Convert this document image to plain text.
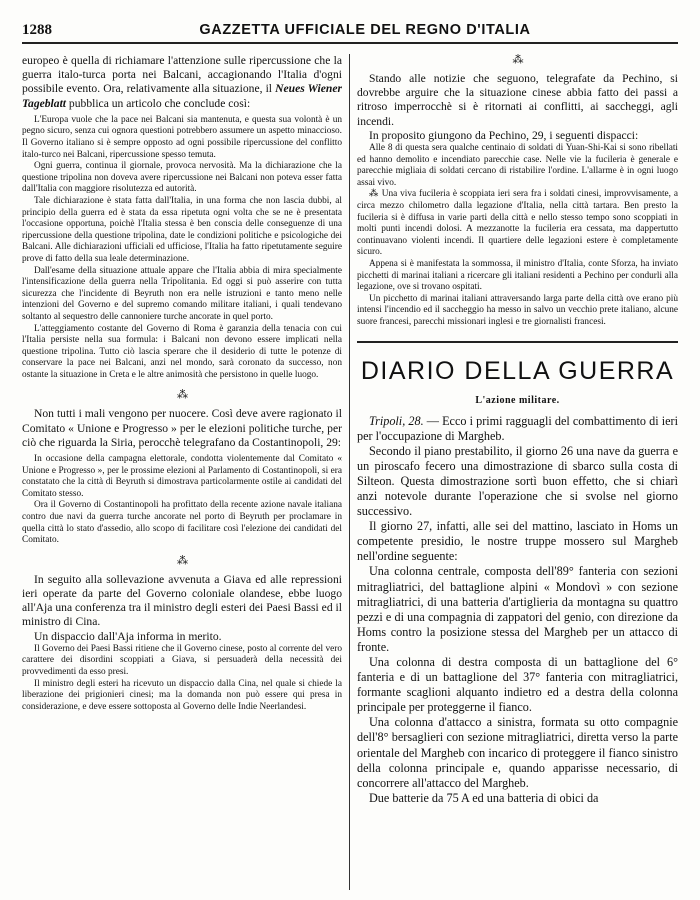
1288	GAZZETTA UFFICIALE DEL REGNO D'ITALIA

europeo è quella di richiamare l'attenzione sulle ripercussione che la guerra italo-turca porta nei Balcani, accagionando l'Italia d'ogni possibile evento. Ora, relativamente alla situazione, il Neues Wiener Tageblatt pubblica un articolo che conclude così:

L'Europa vuole che la pace nei Balcani sia mantenuta, e questa sua volontà è un pegno sicuro, senza cui ognora questioni potrebbero assumere un aspetto minaccioso. Il Governo italiano si è sempre opposto ad ogni possibile ripercussione del conflitto italo-turco nei Balcani, ripercussione spesso temuta.

Ogni guerra, continua il giornale, provoca nervosità. Ma la dichiarazione che la questione tripolina non doveva avere ripercussione nei Balcani non poteva esser fatta dall'Italia con maggiore risolutezza ed autorità.

Tale dichiarazione è stata fatta dall'Italia, in una forma che non lascia dubbi, al principio della guerra ed è stata da essa ripetuta ogni volta che se ne è presentata l'occasione opportuna, poichè l'Italia stessa è ben conscia delle conseguenze di una ripercussione della questione tripolina, date le condizioni politiche e psicologiche dei Balcani. Alle dichiarazioni ufficiali ed ufficiose, l'Italia ha fatto ripetutamente seguire prove di fatto della sua leale determinazione.

Dall'esame della situazione attuale appare che l'Italia abbia di mira specialmente l'intensificazione della guerra nella Tripolitania. Ed oggi si può asserire con tutta sicurezza che l'incidente di Beyruth non era nelle istruzioni e tanto meno nelle intenzioni del Governo e del supremo comando militare italiani, i quali tendevano soltanto al sequestro delle cannoniere turche ancorate in quel porto.

L'atteggiamento costante del Governo di Roma è garanzia della tenacia con cui l'Italia persiste nella sua formula: i Balcani non devono essere implicati nella questione tripolina. Tutto ciò lascia sperare che il desiderio di tutte le potenze di conservare la pace nei Balcani, anzi nel mondo, sarà coronato da successo, non ostante la situazione in Creta e le altre animosità che persistono in quelle luogo.

⁂

Non tutti i mali vengono per nuocere. Così deve avere ragionato il Comitato « Unione e Progresso » per le elezioni politiche turche, per ciò che riguarda la Siria, perocchè telegrafano da Costantinopoli, 29:

In occasione della campagna elettorale, condotta violentemente dal Comitato « Unione e Progresso », per le prossime elezioni al Parlamento di Costantinopoli, si era constatato che la città di Beyruth si dimostrava particolarmente ostile ai candidati del Comitato stesso.

Ora il Governo di Costantinopoli ha profittato della recente azione navale italiana contro due navi da guerra turche ancorate nel porto di Beyruth per proclamare in quella città lo stato d'assedio, allo scopo di facilitare così l'elezione dei candidati del Comitato.

⁂

In seguito alla sollevazione avvenuta a Giava ed alle repressioni ieri operate da parte del Governo coloniale olandese, ebbe luogo all'Aja una conferenza tra il ministro degli esteri dei Paesi Bassi ed il ministro di Cina.

Un dispaccio dall'Aja informa in merito.

Il Governo dei Paesi Bassi ritiene che il Governo cinese, posto al corrente del vero carattere dei disordini scoppiati a Giava, si persuaderà della necessità dei provvedimenti da esso presi.

Il ministro degli esteri ha ricevuto un dispaccio dalla Cina, nel quale si chiede la liberazione dei prigionieri cinesi; ma la domanda non può essere qui presa in considerazione, e deve essere sottoposta al Governo delle Indie Neerlandesi.

⁂

Stando alle notizie che seguono, telegrafate da Pechino, si dovrebbe arguire che la situazione cinese abbia fatto dei passi a ritroso imperrocchè si è ritornati ai conflitti, ai saccheggi, agli incendi.

In proposito giungono da Pechino, 29, i seguenti dispacci:

Alle 8 di questa sera qualche centinaio di soldati di Yuan-Shi-Kai si sono ribellati ed hanno demolito e incendiato parecchie case. Nelle vie la fucileria è generale e parecchie migliaia di soldati cercano di ristabilire l'ordine. L'allarme è in ogni luogo assai vivo.

⁂ Una viva fucileria è scoppiata ieri sera fra i soldati cinesi, improvvisamente, a circa mezzo chilometro dalla legazione d'Italia, nella città tartara. Ben presto la fucileria si è diffusa in varie parti della città e nello stesso tempo sono scoppiati in molti punti incendi dolosi. A mezzanotte la fucileria era cessata, ma dappertutto continuavano violenti incendi. Il quartiere delle legazioni estere è completamente sicuro.

Appena si è manifestata la sommossa, il ministro d'Italia, conte Sforza, ha inviato picchetti di marinai italiani a ricercare gli italiani residenti a Pechino per condurli alla legazione, ove si trovano ospitati.

Un picchetto di marinai italiani attraversando larga parte della città ove erano più intensi l'incendio ed il saccheggio ha messo in salvo un vecchio prete italiano, alcune suore francesi, parecchi missionari inglesi e tre giornalisti francesi.

DIARIO DELLA GUERRA
L'azione militare.

Tripoli, 28. — Ecco i primi ragguagli del combattimento di ieri per l'occupazione di Margheb.

Secondo il piano prestabilito, il giorno 26 una nave da guerra e un piroscafo fecero una dimostrazione di sbarco sulla costa di Silteon. Questa dimostrazione sortì buon effetto, che si chiarì anzi notevole durante l'operazione che si svolse nel giorno successivo.

Il giorno 27, infatti, alle sei del mattino, lasciato in Homs un competente presidio, le nostre truppe mossero sul Margheb nell'ordine seguente:

Una colonna centrale, composta dell'89° fanteria con sezioni mitragliatrici, del battaglione alpini « Mondovì » con sezione mitragliatrici, di una batteria d'artiglieria da montagna su quattro pezzi e di una compagnia di zappatori del genio, con direzione da Homs contro la posizione stessa del Margheb per un attacco di fronte.

Una colonna di destra composta di un battaglione del 6° fanteria e di un battaglione del 37° fanteria con mitragliatrici, formante scaglioni alquanto indietro ed a destra della colonna principale per proteggerne il fianco.

Una colonna d'attacco a sinistra, formata su otto compagnie dell'8° bersaglieri con sezione mitragliatrici, diretta verso la parte orientale del Margheb con incarico di proteggere il fianco sinistro della colonna principale e, quando apparisse necessario, di concorrere all'attacco del Margheb.

Due batterie da 75 A ed una batteria di obici da
